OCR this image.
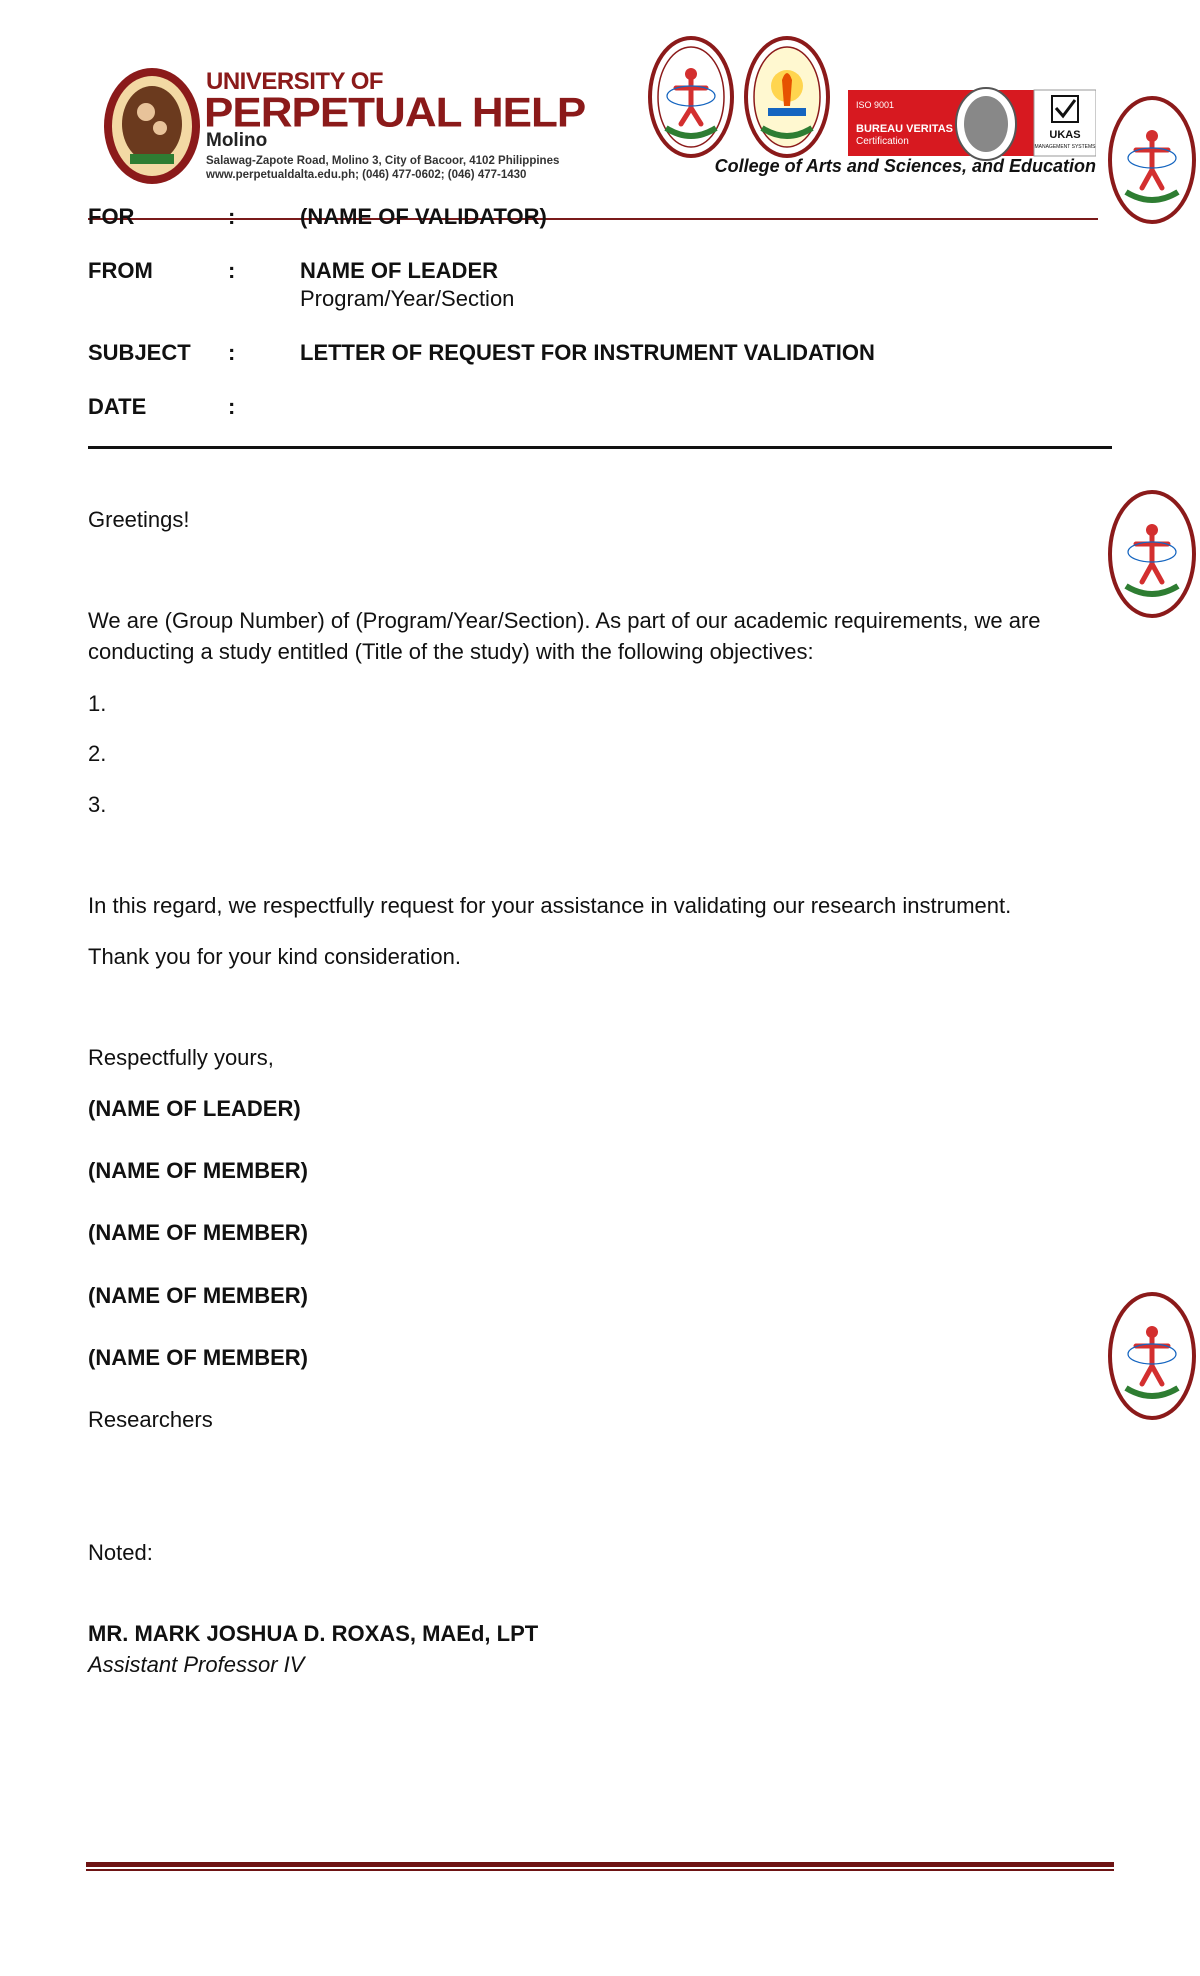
UNIVERSITY OF
PERPETUAL HELP
Molino
Salawag-Zapote Road, Molino 3, City of Bacoor, 4102 Philippines
www.perpetualdalta.edu.ph; (046) 477-0602; (046) 477-1430
ISO 9001
BUREAU VERITAS
Certification
UKAS
MANAGEMENT SYSTEMS
College of Arts and Sciences, and Education
FOR	:	(NAME OF VALIDATOR)
FROM	:	NAME OF LEADER
Program/Year/Section
SUBJECT :	LETTER OF REQUEST FOR INSTRUMENT VALIDATION
DATE	:
Greetings!
We are (Group Number) of (Program/Year/Section). As part of our academic requirements, we are
conducting a study entitled (Title of the study) with the following objectives:
1.
2.
3.
In this regard, we respectfully request for your assistance in validating our research instrument.
Thank you for your kind consideration.
Respectfully yours,
(NAME OF LEADER)
(NAME OF MEMBER)
(NAME OF MEMBER)
(NAME OF MEMBER)
(NAME OF MEMBER)
Researchers
Noted:
MR. MARK JOSHUA D. ROXAS, MAEd, LPT
Assistant Professor IV
